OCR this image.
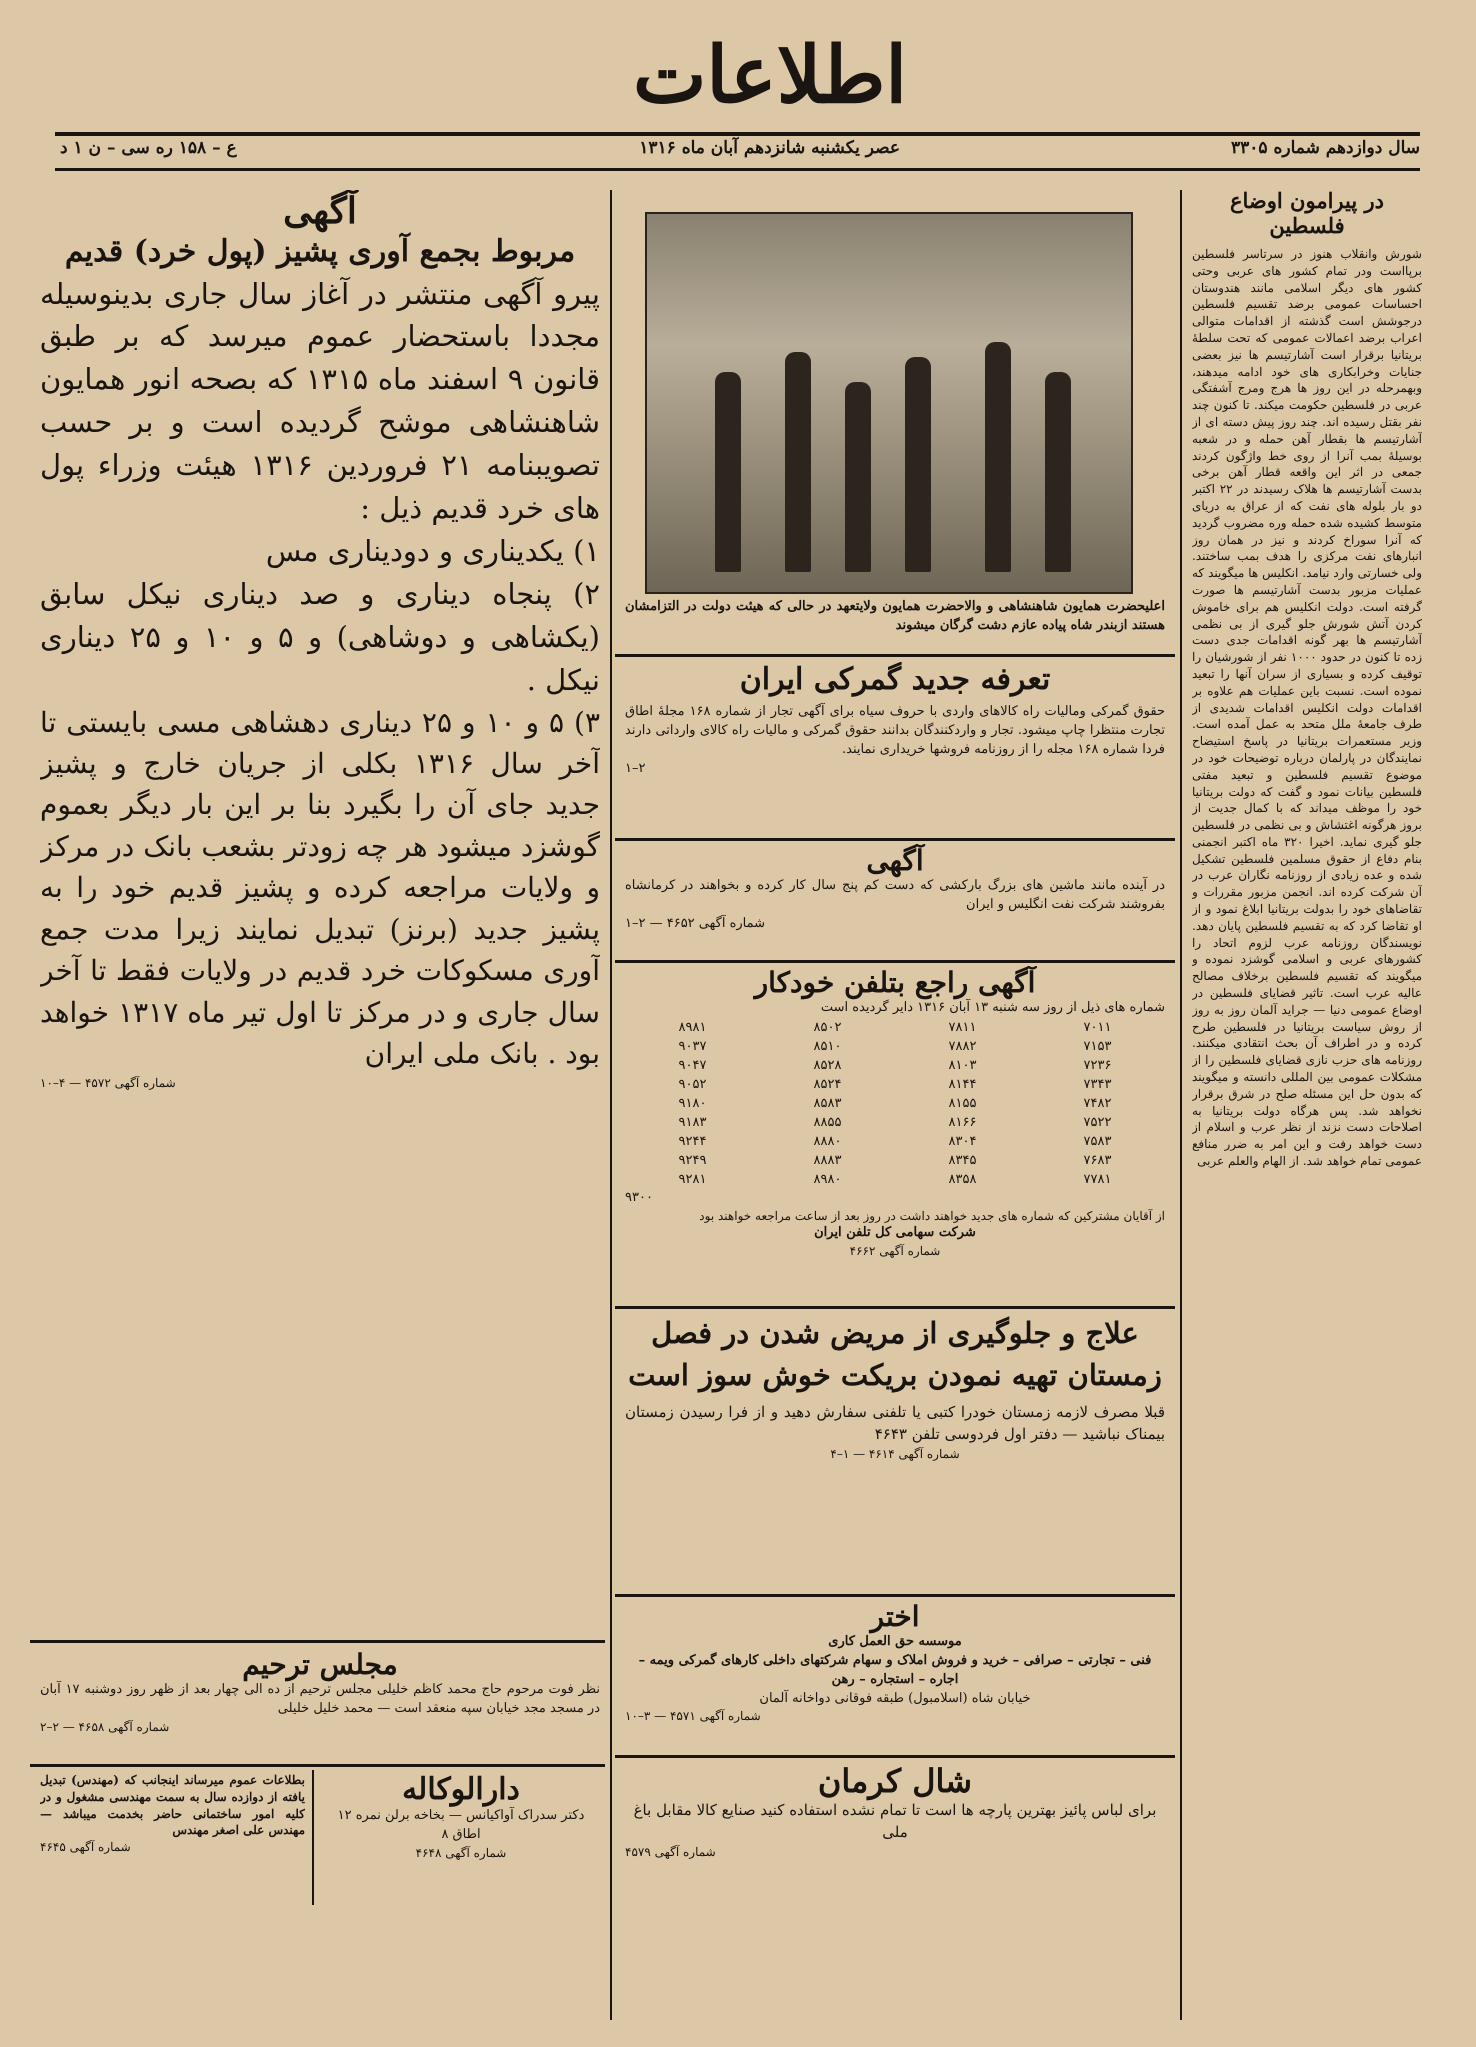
اطلاعات
سال دوازدهم شماره ۳۳۰۵
عصر یکشنبه شانزدهم آبان ماه ۱۳۱۶
ع – ۱۵۸ ره سی – ن ۱ د
در پیرامون اوضاع فلسطین
شورش وانقلاب هنوز در سرتاسر فلسطین برپااست ودر تمام کشور های عربی وحتی کشور های دیگر اسلامی مانند هندوستان احساسات عمومی برضد تقسیم فلسطین درجوشش است گذشته از اقدامات متوالی اعراب برضد اعمالات عمومی که تحت سلطهٔ بریتانیا برقرار است آشارتیسم ها نیز بعضی جنایات وخرابکاری های خود ادامه میدهند، وبهمرحله در این روز ها هرج ومرج آشفتگی عربی در فلسطین حکومت میکند. تا کنون چند نفر بقتل رسیده اند. چند روز پیش دسته ای از آشارتیسم ها بقطار آهن حمله و در شعبه بوسیلهٔ بمب آنرا از روی خط واژگون کردند جمعی در اثر این واقعه قطار آهن برخی بدست آشارتیسم ها هلاک رسیدند در ۲۲ اکتبر دو بار بلوله های نفت که از عراق به دریای متوسط کشیده شده حمله وره مضروب گردید که آنرا سوراخ کردند و نیز در همان روز انبارهای نفت مرکزی را هدف بمب ساختند. ولی خسارتی وارد نیامد. انکلیس ها میگویند که عملیات مزبور بدست آشارتیسم ها صورت گرفته است. دولت انکلیس هم برای خاموش کردن آتش شورش جلو گیری از بی نظمی آشارتیسم ها بهر گونه اقدامات جدی دست زده تا کنون در حدود ۱۰۰۰ نفر از شورشیان را توقیف کرده و بسیاری از سران آنها را تبعید نموده است. نسبت باین عملیات هم علاوه بر اقدامات دولت انکلیس اقدامات شدیدی از طرف جامعهٔ ملل متحد به عمل آمده است. وزیر مستعمرات بریتانیا در پاسخ استیضاح نمایندگان در پارلمان درباره توضیحات خود در موضوع تقسیم فلسطین و تبعید مفتی فلسطین بیانات نمود و گفت که دولت بریتانیا خود را موظف میداند که با کمال جدیت از بروز هرگونه اغتشاش و بی نظمی در فلسطین جلو گیری نماید. اخیرا ۳۲۰ ماه اکتبر انجمنی بنام دفاع از حقوق مسلمین فلسطین تشکیل شده و عده زیادی از روزنامه نگاران عرب در آن شرکت کرده اند. انجمن مزبور مقررات و تقاضاهای خود را بدولت بریتانیا ابلاغ نمود و از او تقاضا کرد که به تقسیم فلسطین پایان دهد. نویسندگان روزنامه عرب لزوم اتحاد را کشورهای عربی و اسلامی گوشزد نموده و میگویند که تقسیم فلسطین برخلاف مصالح عالیه عرب است. تاثیر قضایای فلسطین در اوضاع عمومی دنیا — جراید آلمان روز به روز از روش سیاست بریتانیا در فلسطین طرح کرده و در اطراف آن بحث انتقادی میکنند. روزنامه های حزب نازی قضایای فلسطین را از مشکلات عمومی بین المللی دانسته و میگویند که بدون حل این مسئله صلح در شرق برقرار نخواهد شد. پس هرگاه دولت بریتانیا به اصلاحات دست نزند از نظر عرب و اسلام از دست خواهد رفت و این امر به ضرر منافع عمومی تمام خواهد شد. از الهام والعلم عربی
اعلیحضرت همایون شاهنشاهی و والاحضرت همایون ولایتعهد در حالی که هیئت دولت در التزامشان هستند ازبندر شاه پیاده عازم دشت گرگان میشوند
تعرفه جدید گمرکی ایران
حقوق گمرکی ومالیات راه کالاهای واردی با حروف سیاه برای آگهی تجار از شماره ۱۶۸ مجلهٔ اطاق تجارت منتظرا چاپ میشود. تجار و واردکنندگان بدانند حقوق گمرکی و مالیات راه کالای وارداتی دارند فردا شماره ۱۶۸ مجله را از روزنامه فروشها خریداری نمایند.
۲–۱
آگهی
در آینده مانند ماشین های بزرگ بارکشی که دست کم پنج سال کار کرده و بخواهند در کرمانشاه بفروشند شرکت نفت انگلیس و ایران
شماره آگهی ۴۶۵۲ — ۲–۱
آگهی راجع بتلفن خودکار
شماره های ذیل از روز سه شنبه ۱۳ آبان ۱۳۱۶ دایر گردیده است
۷۰۱۱	۷۸۱۱	۸۵۰۲	۸۹۸۱
۷۱۵۳	۷۸۸۲	۸۵۱۰	۹۰۳۷
۷۲۳۶	۸۱۰۳	۸۵۲۸	۹۰۴۷
۷۳۴۳	۸۱۴۴	۸۵۲۴	۹۰۵۲
۷۴۸۲	۸۱۵۵	۸۵۸۳	۹۱۸۰
۷۵۲۲	۸۱۶۶	۸۸۵۵	۹۱۸۳
۷۵۸۳	۸۳۰۴	۸۸۸۰	۹۲۴۴
۷۶۸۳	۸۳۴۵	۸۸۸۳	۹۲۴۹
۷۷۸۱	۸۳۵۸	۸۹۸۰	۹۲۸۱
۹۳۰۰
از آقایان مشترکین که شماره های جدید خواهند داشت در روز بعد از ساعت مراجعه خواهند بود
شرکت سهامی کل تلفن ایران
شماره آگهی ۴۶۶۲
علاج و جلوگیری از مریض شدن در فصل زمستان تهیه نمودن بریکت خوش سوز است
قبلا مصرف لازمه زمستان خودرا کتبی یا تلفنی سفارش دهید و از فرا رسیدن زمستان بیمناک نباشید — دفتر اول فردوسی تلفن ۴۶۴۳
شماره آگهی ۴۶۱۴ — ۱–۴
اختر
موسسه حق العمل کاری
فنی – تجارتی – صرافی – خرید و فروش املاک و سهام شرکتهای داخلی کارهای گمرکی ویمه – اجاره – استجاره – رهن
خیابان شاه (اسلامبول) طبقه فوقانی دواخانه آلمان
شماره آگهی ۴۵۷۱ — ۳–۱۰
شال کرمان
برای لباس پائیز بهترین پارچه ها است تا تمام نشده استفاده کنید صنایع کالا مقابل باغ ملی
شماره آگهی ۴۵۷۹
آگهی
مربوط بجمع آوری پشیز (پول خرد) قدیم
پیرو آگهی منتشر در آغاز سال جاری بدینوسیله مجددا باستحضار عموم میرسد که بر طبق قانون ۹ اسفند ماه ۱۳۱۵ که بصحه انور همایون شاهنشاهی موشح گردیده است و بر حسب تصویبنامه ۲۱ فروردین ۱۳۱۶ هیئت وزراء پول های خرد قدیم ذیل :
۱) یکدیناری و دودیناری مس
۲) پنجاه دیناری و صد دیناری نیکل سابق (یکشاهی و دوشاهی) و ۵ و ۱۰ و ۲۵ دیناری نیکل .
۳) ۵ و ۱۰ و ۲۵ دیناری دهشاهی مسی بایستی تا آخر سال ۱۳۱۶ بکلی از جریان خارج و پشیز جدید جای آن را بگیرد بنا بر این بار دیگر بعموم گوشزد میشود هر چه زودتر بشعب بانک در مرکز و ولایات مراجعه کرده و پشیز قدیم خود را به پشیز جدید (برنز) تبدیل نمایند زیرا مدت جمع آوری مسکوکات خرد قدیم در ولایات فقط تا آخر سال جاری و در مرکز تا اول تیر ماه ۱۳۱۷ خواهد بود . بانک ملی ایران
شماره آگهی ۴۵۷۲ — ۴–۱۰
مجلس ترحیم
نظر فوت مرحوم حاج محمد کاظم خلیلی مجلس ترحیم از ده الی چهار بعد از ظهر روز دوشنبه ۱۷ آبان در مسجد مجد خیابان سپه منعقد است — محمد خلیل خلیلی
شماره آگهی ۴۶۵۸ — ۲–۲
دارالوکاله
دکتر سدراک آواکیانس — بخاخه برلن نمره ۱۲ اطاق ۸
شماره آگهی ۴۶۴۸
بطلاعات عموم میرساند اینجانب که (مهندس) تبدیل یافته از دوازده سال به سمت مهندسی مشغول و در کلیه امور ساختمانی حاضر بخدمت میباشد — مهندس علی اصغر مهندس
شماره آگهی ۴۶۴۵
